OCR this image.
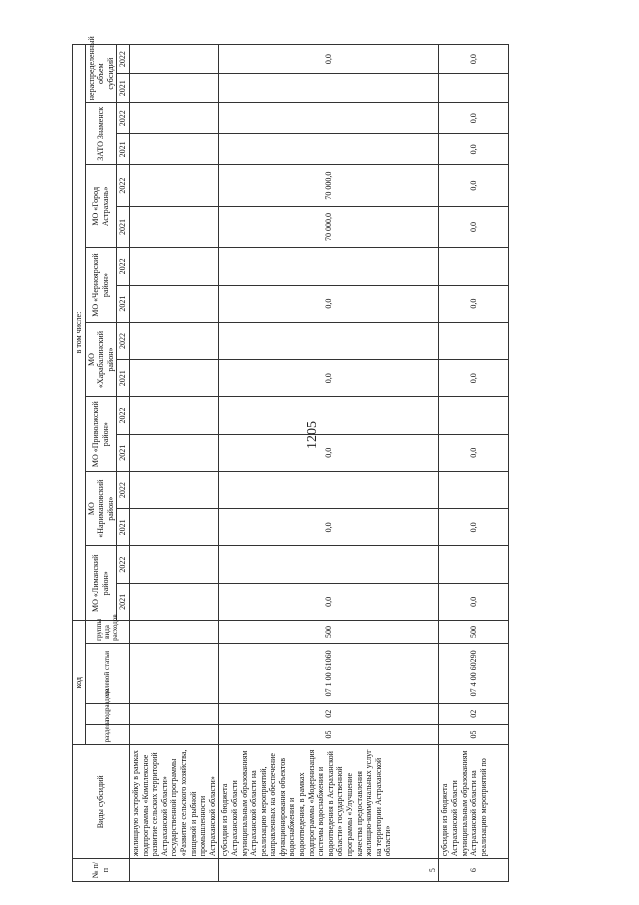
1205
№ п/п	Виды субсидий	код				в том числе:															
		раздела	подраздела	целевой статьи	группы вида расходов	МО «Лиманский район»		МО «Наримановский район»		МО «Приволжский район»		МО «Харабалинский район»		МО «Черноярский район»		МО «Город Астрахань»		ЗАТО Знаменск		нераспределенный объем субсидий	
						2021	2022	2021	2022	2021	2022	2021	2022	2021	2022	2021	2022	2021	2022	2021	2022
	жилищную застройку в рамках подпрограммы «Комплексное развитие сельских территорий Астраханской области» государственной программы «Развитие сельского хозяйства, пищевой и рыбной промышленности Астраханской области»																				
5	субсидия из бюджета Астраханской области муниципальным образованиям Астраханской области на реализацию мероприятий, направленных на обеспечение функционирования объектов водоснабжения и водоотведения, в рамках подпрограммы «Модернизация системы водоснабжения и водоотведения в Астраханской области» государственной программы «Улучшение качества предоставления жилищно-коммунальных услуг на территории Астраханской области»	05	02	07 1 00 61060	500	0,0		0,0		0,0		0,0		0,0		70 000,0	70 000,0				0,0
6	субсидия из бюджета Астраханской области муниципальным образованиям Астраханской области на реализацию мероприятий по	05	02	07 4 00 60290	500	0,0		0,0		0,0		0,0		0,0		0,0	0,0	0,0	0,0		0,0
